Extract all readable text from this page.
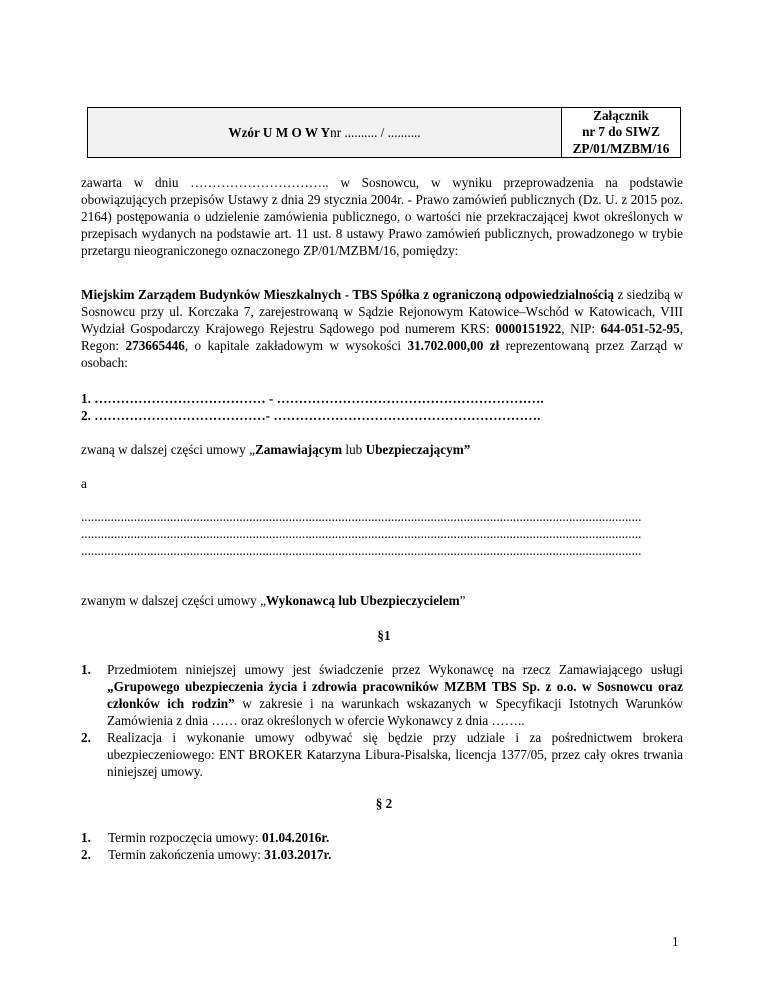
Wzór U M O W Y nr .......... / ..........
Załącznik
nr 7 do SIWZ
ZP/01/MZBM/16
zawarta w dniu ………………………….. w Sosnowcu, w wyniku przeprowadzenia na podstawie obowiązujących przepisów Ustawy z dnia 29 stycznia 2004r. - Prawo zamówień publicznych (Dz. U. z 2015 poz. 2164) postępowania o udzielenie zamówienia publicznego, o wartości nie przekraczającej kwot określonych w przepisach wydanych na podstawie art. 11 ust. 8 ustawy Prawo zamówień publicznych, prowadzonego w trybie przetargu nieograniczonego oznaczonego ZP/01/MZBM/16, pomiędzy:
Miejskim Zarządem Budynków Mieszkalnych - TBS Spółka z ograniczoną odpowiedzialnością z siedzibą w Sosnowcu przy ul. Korczaka 7, zarejestrowaną w Sądzie Rejonowym Katowice–Wschód w Katowicach, VIII Wydział Gospodarczy Krajowego Rejestru Sądowego pod numerem KRS: 0000151922, NIP: 644-051-52-95, Regon: 273665446, o kapitale zakładowym w wysokości 31.702.000,00 zł reprezentowaną przez Zarząd w osobach:
1. ………………………………… - …………………………………………………….
2. …………………………………- …………………………………………………….
zwaną w dalszej części umowy „Zamawiającym lub Ubezpieczającym”
a
..........................................................................................................................................................................
..........................................................................................................................................................................
..........................................................................................................................................................................
zwanym w dalszej części umowy „Wykonawcą lub Ubezpieczycielem”
§1
1. Przedmiotem niniejszej umowy jest świadczenie przez Wykonawcę na rzecz Zamawiającego usługi „Grupowego ubezpieczenia życia i zdrowia pracowników MZBM TBS Sp. z o.o. w Sosnowcu oraz członków ich rodzin” w zakresie i na warunkach wskazanych w Specyfikacji Istotnych Warunków Zamówienia z dnia …… oraz określonych w ofercie Wykonawcy z dnia ……..
2. Realizacja i wykonanie umowy odbywać się będzie przy udziale i za pośrednictwem brokera ubezpieczeniowego: ENT BROKER Katarzyna Libura-Pisalska, licencja 1377/05, przez cały okres trwania niniejszej umowy.
§ 2
1. Termin rozpoczęcia umowy: 01.04.2016r.
2. Termin zakończenia umowy: 31.03.2017r.
1
